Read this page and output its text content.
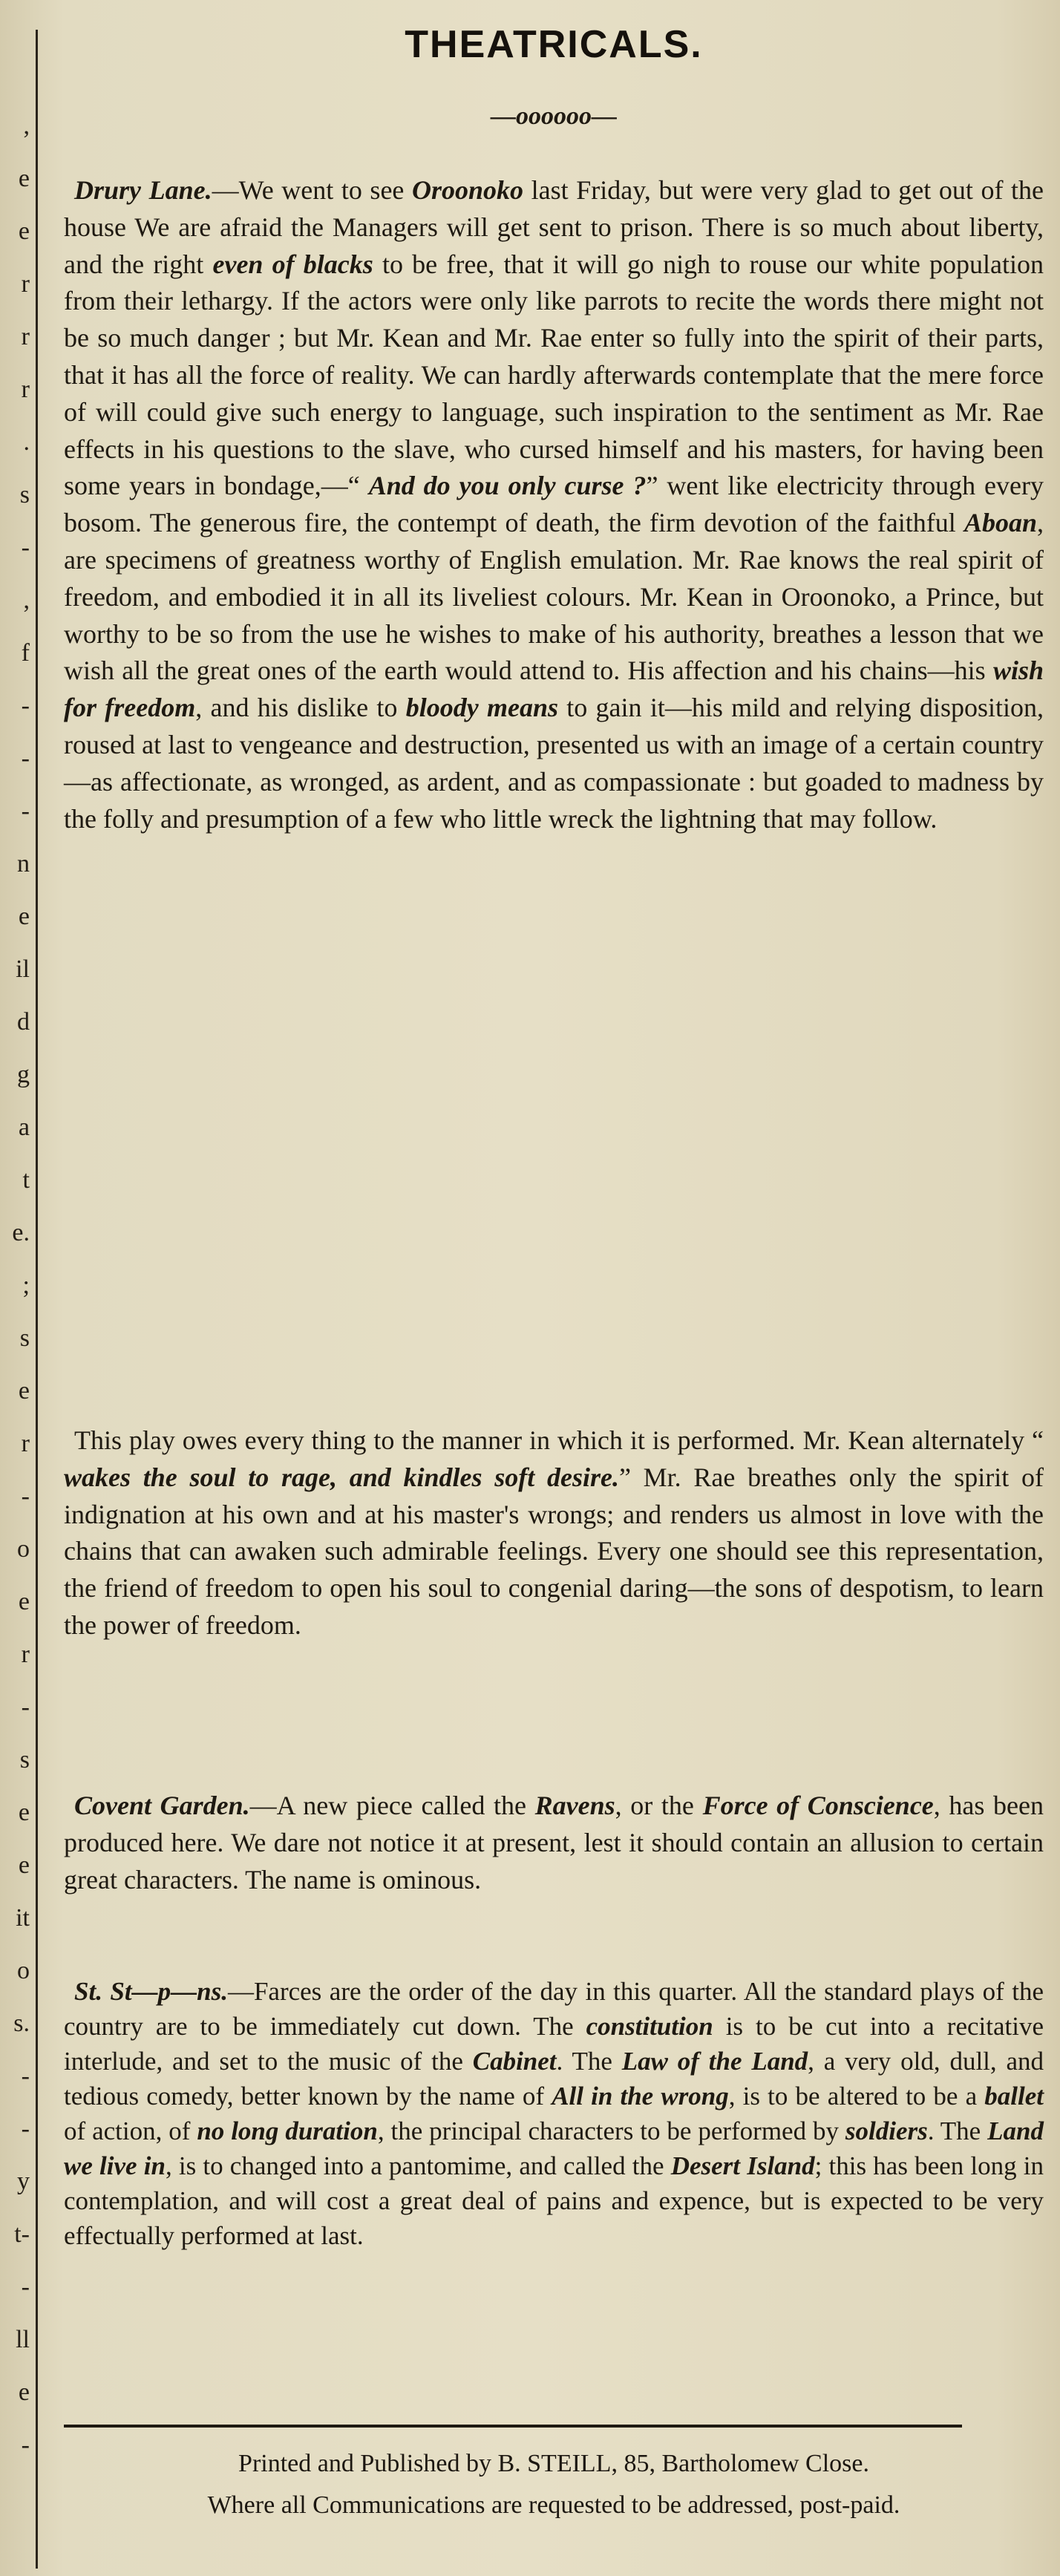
,
e
e
r
r
r
.
s
-
,
f
-
-
-
n
e
il
d
g
a
t
e.
;
s
e
r
-
o
e
r
-
s
e
e
it
o
s.
-
-
y
t-
-
ll
e
-
THEATRICALS.
—oooooo—

Drury Lane.—We went to see Oroonoko last Friday, but were very glad to get out of the house We are afraid the Managers will get sent to prison. There is so much about liberty, and the right even of blacks to be free, that it will go nigh to rouse our white population from their lethargy. If the actors were only like parrots to recite the words there might not be so much danger ; but Mr. Kean and Mr. Rae enter so fully into the spirit of their parts, that it has all the force of reality. We can hardly afterwards contemplate that the mere force of will could give such energy to language, such inspiration to the sentiment as Mr. Rae effects in his questions to the slave, who cursed himself and his masters, for having been some years in bondage,—“ And do you only curse ?” went like electricity through every bosom. The generous fire, the contempt of death, the firm devotion of the faithful Aboan, are specimens of greatness worthy of English emulation. Mr. Rae knows the real spirit of freedom, and embodied it in all its liveliest colours. Mr. Kean in Oroonoko, a Prince, but worthy to be so from the use he wishes to make of his authority, breathes a lesson that we wish all the great ones of the earth would attend to. His affection and his chains—his wish for freedom, and his dislike to bloody means to gain it—his mild and relying disposition, roused at last to vengeance and destruction, presented us with an image of a certain country—as affectionate, as wronged, as ardent, and as compassionate : but goaded to madness by the folly and presumption of a few who little wreck the lightning that may follow.

This play owes every thing to the manner in which it is performed. Mr. Kean alternately “ wakes the soul to rage, and kindles soft desire.” Mr. Rae breathes only the spirit of indignation at his own and at his master's wrongs; and renders us almost in love with the chains that can awaken such admirable feelings. Every one should see this representation, the friend of freedom to open his soul to congenial daring—the sons of despotism, to learn the power of freedom.

Covent Garden.—A new piece called the Ravens, or the Force of Conscience, has been produced here. We dare not notice it at present, lest it should contain an allusion to certain great characters. The name is ominous.

St. St—p—ns.—Farces are the order of the day in this quarter. All the standard plays of the country are to be immediately cut down. The constitution is to be cut into a recitative interlude, and set to the music of the Cabinet. The Law of the Land, a very old, dull, and tedious comedy, better known by the name of All in the wrong, is to be altered to be a ballet of action, of no long duration, the principal characters to be performed by soldiers. The Land we live in, is to changed into a pantomime, and called the Desert Island; this has been long in contemplation, and will cost a great deal of pains and expence, but is expected to be very effectually performed at last.

Printed and Published by B. STEILL, 85, Bartholomew Close.
Where all Communications are requested to be addressed, post-paid.
